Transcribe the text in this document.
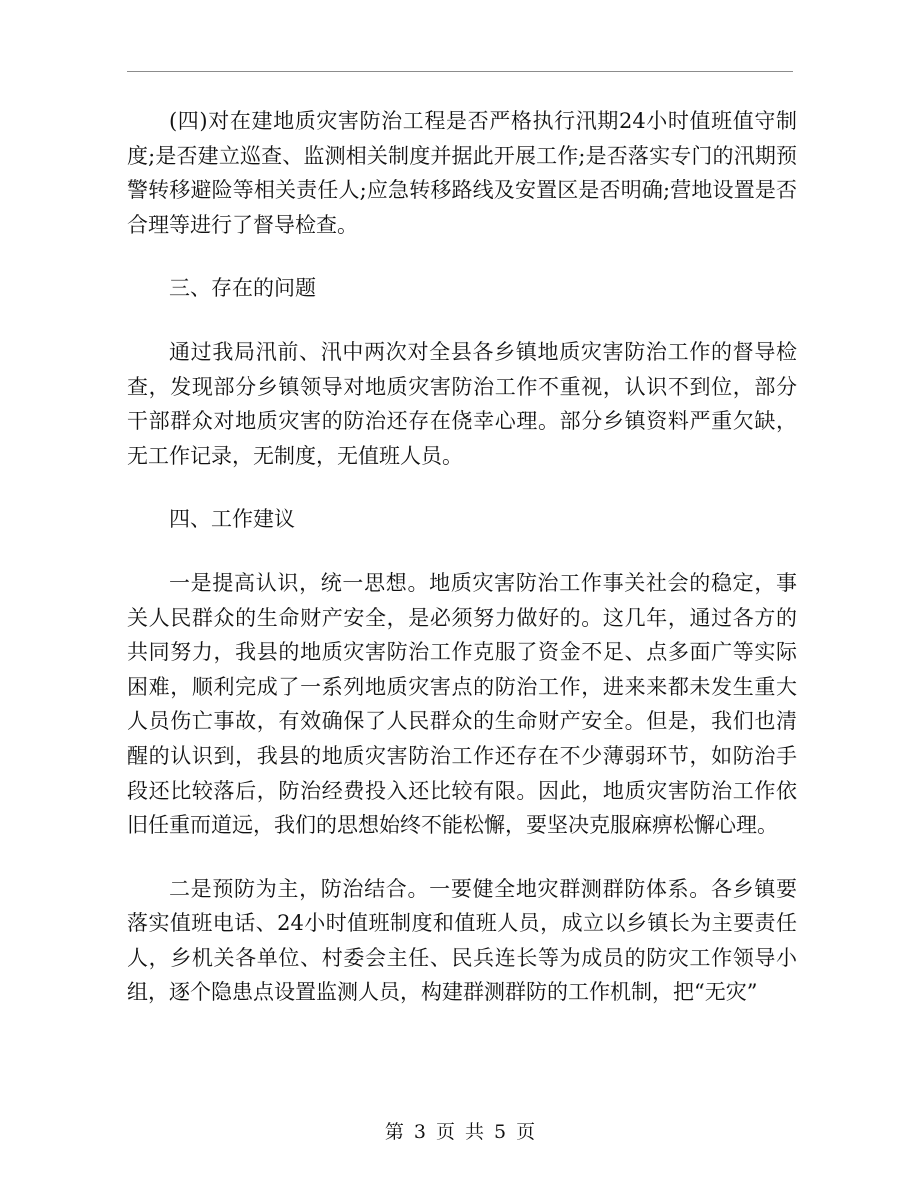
(四)对在建地质灾害防治工程是否严格执行汛期24小时值班值守制度;是否建立巡查、监测相关制度并据此开展工作;是否落实专门的汛期预警转移避险等相关责任人;应急转移路线及安置区是否明确;营地设置是否合理等进行了督导检查。

三、存在的问题

通过我局汛前、汛中两次对全县各乡镇地质灾害防治工作的督导检查，发现部分乡镇领导对地质灾害防治工作不重视，认识不到位，部分干部群众对地质灾害的防治还存在侥幸心理。部分乡镇资料严重欠缺，无工作记录，无制度，无值班人员。

四、工作建议

一是提高认识，统一思想。地质灾害防治工作事关社会的稳定，事关人民群众的生命财产安全，是必须努力做好的。这几年，通过各方的共同努力，我县的地质灾害防治工作克服了资金不足、点多面广等实际困难，顺利完成了一系列地质灾害点的防治工作，进来来都未发生重大人员伤亡事故，有效确保了人民群众的生命财产安全。但是，我们也清醒的认识到，我县的地质灾害防治工作还存在不少薄弱环节，如防治手段还比较落后，防治经费投入还比较有限。因此，地质灾害防治工作依旧任重而道远，我们的思想始终不能松懈，要坚决克服麻痹松懈心理。

二是预防为主，防治结合。一要健全地灾群测群防体系。各乡镇要落实值班电话、24小时值班制度和值班人员，成立以乡镇长为主要责任人，乡机关各单位、村委会主任、民兵连长等为成员的防灾工作领导小组，逐个隐患点设置监测人员，构建群测群防的工作机制，把“无灾”

第 3 页 共 5 页
